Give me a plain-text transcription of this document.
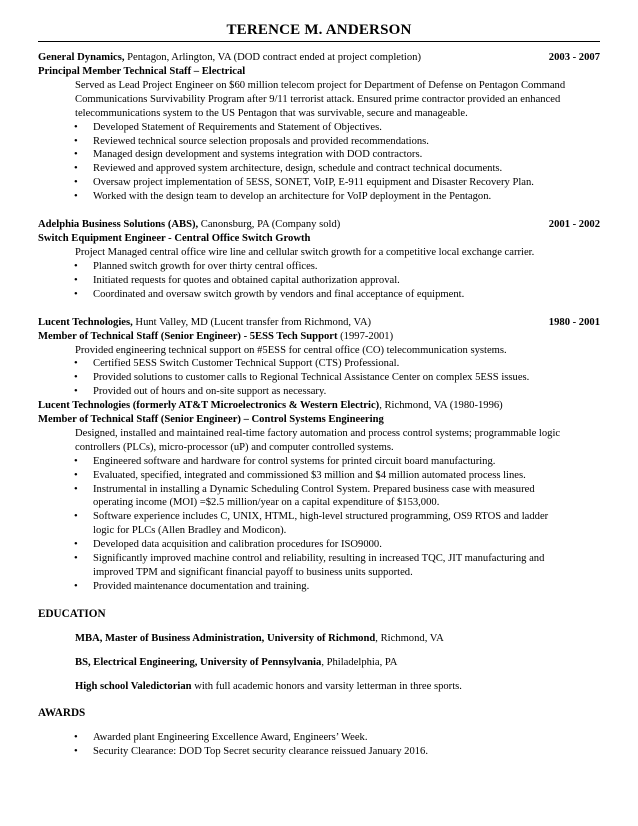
TERENCE M. ANDERSON
General Dynamics, Pentagon, Arlington, VA (DOD contract ended at project completion)	2003 - 2007
Principal Member Technical Staff – Electrical
Served as Lead Project Engineer on $60 million telecom project for Department of Defense on Pentagon Command
Communications Survivability Program after 9/11 terrorist attack. Ensured prime contractor provided an enhanced
telecommunications system to the US Pentagon that was survivable, secure and manageable.
• Developed Statement of Requirements and Statement of Objectives.
• Reviewed technical source selection proposals and provided recommendations.
• Managed design development and systems integration with DOD contractors.
• Reviewed and approved system architecture, design, schedule and contract technical documents.
• Oversaw project implementation of 5ESS, SONET, VoIP, E-911 equipment and Disaster Recovery Plan.
• Worked with the design team to develop an architecture for VoIP deployment in the Pentagon.
Adelphia Business Solutions (ABS), Canonsburg, PA (Company sold)	2001 - 2002
Switch Equipment Engineer - Central Office Switch Growth
Project Managed central office wire line and cellular switch growth for a competitive local exchange carrier.
• Planned switch growth for over thirty central offices.
• Initiated requests for quotes and obtained capital authorization approval.
• Coordinated and oversaw switch growth by vendors and final acceptance of equipment.
Lucent Technologies, Hunt Valley, MD (Lucent transfer from Richmond, VA)	1980 - 2001
Member of Technical Staff (Senior Engineer) - 5ESS Tech Support (1997-2001)
Provided engineering technical support on #5ESS for central office (CO) telecommunication systems.
• Certified 5ESS Switch Customer Technical Support (CTS) Professional.
• Provided solutions to customer calls to Regional Technical Assistance Center on complex 5ESS issues.
• Provided out of hours and on-site support as necessary.
Lucent Technologies (formerly AT&T Microelectronics & Western Electric), Richmond, VA (1980-1996)
Member of Technical Staff (Senior Engineer) – Control Systems Engineering
Designed, installed and maintained real-time factory automation and process control systems; programmable logic
controllers (PLCs), micro-processor (uP) and computer controlled systems.
• Engineered software and hardware for control systems for printed circuit board manufacturing.
• Evaluated, specified, integrated and commissioned $3 million and $4 million automated process lines.
• Instrumental in installing a Dynamic Scheduling Control System. Prepared business case with measured
operating income (MOI) =$2.5 million/year on a capital expenditure of $153,000.
• Software experience includes C, UNIX, HTML, high-level structured programming, OS9 RTOS and ladder
logic for PLCs (Allen Bradley and Modicon).
• Developed data acquisition and calibration procedures for ISO9000.
• Significantly improved machine control and reliability, resulting in increased TQC, JIT manufacturing and
improved TPM and significant financial payoff to business units supported.
• Provided maintenance documentation and training.
EDUCATION
MBA, Master of Business Administration, University of Richmond, Richmond, VA
BS, Electrical Engineering, University of Pennsylvania, Philadelphia, PA
High school Valedictorian with full academic honors and varsity letterman in three sports.
AWARDS
• Awarded plant Engineering Excellence Award, Engineers’ Week.
• Security Clearance: DOD Top Secret security clearance reissued January 2016.
